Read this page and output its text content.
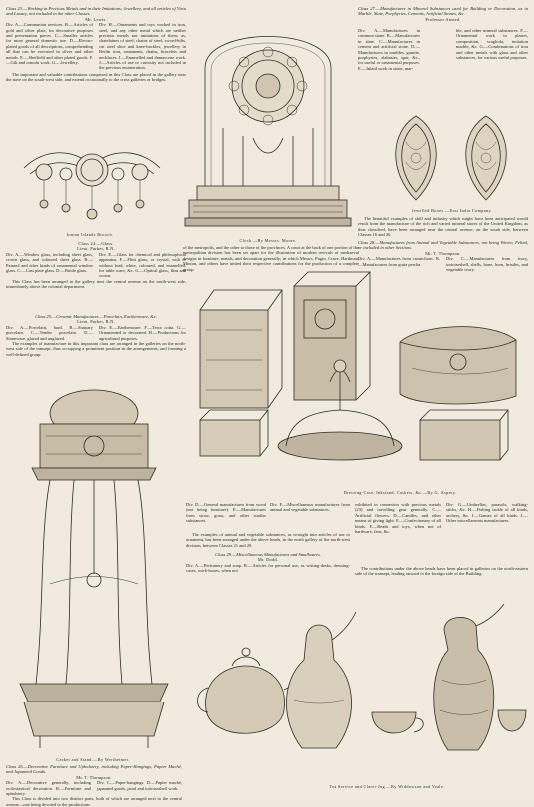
Class 23.—Working in Precious Metals and in their Imitations; Jewellery, and all articles of Virtu and Luxury, not included in the other Classes.
Mr. Lewis.
Div. A.—Communion services. B.—Articles of gold and silver plate, for decorative purposes and presentation pieces. C.—Smaller articles for more general domestic use. D.—Electro-plated goods of all descriptions, comprehending all that can be executed in silver and other metals. E.—Sheffield and other plated goods. F.—Gilt and ormolu work. G.—Jewellery.
Div. H.—Ornaments and toys worked in iron, steel, and any other metal which are neither precious metals nor imitations of them; as, chatelaines of steel, chains of steel, sword-hilts, cut steel shoe and knee-buckles, jewellery in Berlin iron, ornaments, chains, bracelets and necklaces. I.—Enamelled and damascene work. J.—Articles of use or curiosity not included in the previous enumeration.
The important and valuable contributions comprised in this Class are placed in the gallery near the nave on the south-west side, and extend occasionally to the cross galleries or bridges.
Ionian Islands Brooch.
Class 24.—Glass.
Lieut. Parker, R.N.
Div. A.—Window glass, including sheet glass, crown glass, and coloured sheet glass. B.—Painted and other kinds of ornamental window glass. C.—Cast plate glass. D.—Bottle glass.
Div. E.—Glass for chemical and philosophical apparatus. F.—Flint glass, or crystal, with or without lead; white, coloured, and enamelled, for table ware, &c. G.—Optical glass, flint and crown.
This Class has been arranged in the gallery next the central avenue on the north-west side, immediately above the colonial department.
Class 25.—Ceramic Manufactures.—Porcelain, Earthenware, &c.
Lieut. Parker, R.N.
Div. A.—Porcelain, hard. B.—Statuary porcelain. C.—Tender porcelain. D.—Stoneware, glazed and unglazed.
Div. E.—Earthenware. F.—Terra cotta. G.—Ornamented or decorated. H.—Productions for agricultural purposes.
The examples of manufacture in this important class are arranged in the galleries on the north-west side of the transept, thus occupying a prominent position in the arrangements, and forming a well-defined group.
Clock.—By Messrs. Moore.
of the metropolis, and the other to those of the provinces. A court at the back of one portion of the metropolitan division has been set apart for the illustration of modern revivals of mediaeval designs in furniture, metals, and decoration generally; in which Messrs. Pugin, Crace, Hardman, Minton, and others have united their respective contributions for the production of a complete group.
Class 27.—Manufactures in Mineral Substances used for Building or Decoration, as in Marble, Slate, Porphyries, Cements, Artificial Stones, &c.
Professor Ansted.
Div. A.—Manufactures in common stone. B.—Manufactures in slate. C.—Manufactures in cement and artificial stone. D.—Manufactures in marbles, granite, porphyries, alabaster, spar, &c., for useful or ornamental purposes. E.—Inlaid work in stone, mar-
ble, and other mineral substances. F.—Ornamental work in plaster, composition, scagliola, imitation marble, &c. G.—Combinations of iron and other metals with glass and other substances, for various useful purposes.
Jewelled Boxes.—East India Company.
The beautiful examples of skill and industry which might have been anticipated would result from the manufacture of the rich and varied mineral stores of the United Kingdom, as thus classified, have been arranged near the central avenue, on the south side, between Classes 16 and 26.
Class 28.—Manufactures from Animal and Vegetable Substances, not being Woven, Felted, or included in other Sections.
Mr. T. Thompson.
Div. A.—Manufactures from caoutchouc. B.—Manufactures from gutta percha.
Div. C.—Manufactures from ivory, tortoiseshell, shells, bone, horn, bristles, and vegetable ivory.
Dressing-Case, Inkstand, Caskets, &c.—By G. Asprey.
Casket and Stand.—By Wertheimer.
Class 26.—Decorative Furniture and Upholstery, including Paper-Hangings, Papier Maché, and Japanned Goods.
Mr. T. Thompson.
Div. A.—Decorative generally, including ecclesiastical decoration. B.—Furniture and upholstery.
Div. C.—Paper-hangings. D.—Papier maché, japanned goods, pearl and tortoiseshell work.
This Class is divided into two distinct parts, both of which are arranged next to the central avenue—one being devoted to the productions
Div. D.—General manufactures from wood (not being furniture). E.—Manufactures from straw, grass, and other similar substances.
Div. F.—Miscellaneous manufactures from animal and vegetable substances.
The examples of animal and vegetable substances, as wrought into articles of use or ornament, has been arranged under the above heads, in the north gallery of the north-west division, between Classes 21 and 29.
Class 29.—Miscellaneous Manufactures and Smallwares.
Mr. Dodd.
Div. A.—Perfumery and soap. B.—Articles for personal use, as writing-desks, dressing-cases, work-boxes, when not
exhibited in connexion with precious metals (23) and travelling gear generally. C.—Artificial flowers. D.—Candles, and other means of giving light. E.—Confectionary of all kinds. F.—Beads and toys, when not of hardware, fans, &c.
Div. G.—Umbrellas, parasols, walking-sticks, &c. H.—Fishing tackle of all kinds, archery, &c. I.—Games of all kinds. J.—Other miscellaneous manufactures.
The contributions under the above heads have been placed in galleries on the north-eastern side of the transept, leading onward to the foreign side of the Building.
Tea Service and Claret-Jug.—By Widdowson and Veale.
